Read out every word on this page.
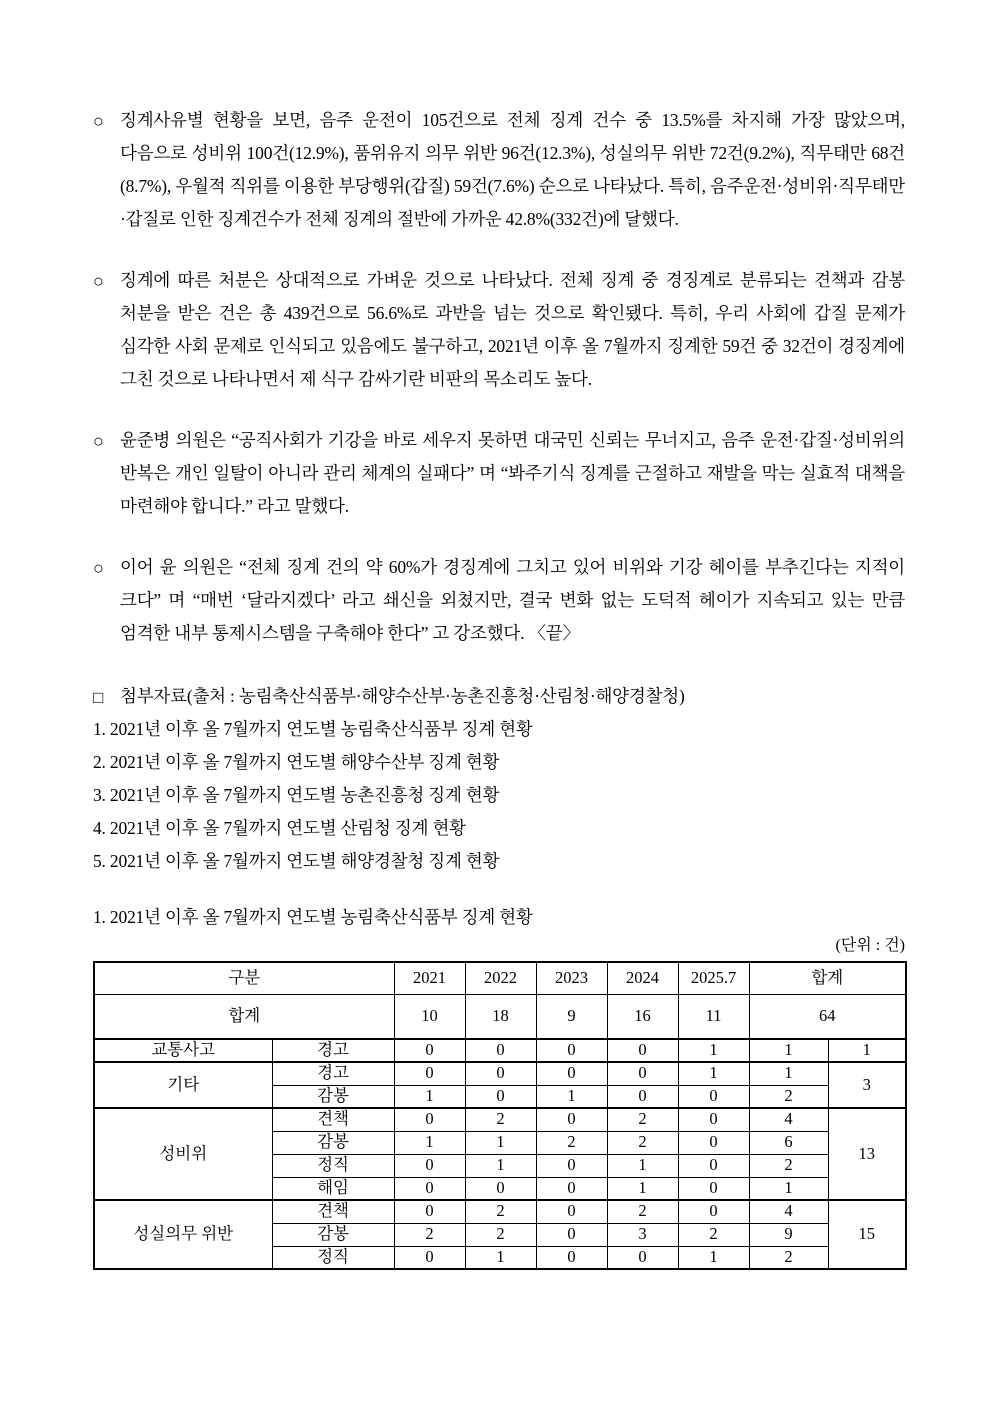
○ 징계사유별 현황을 보면, 음주 운전이 105건으로 전체 징계 건수 중 13.5%를 차지해 가장 많았으며, 다음으로 성비위 100건(12.9%), 품위유지 의무 위반 96건(12.3%), 성실의무 위반 72건(9.2%), 직무태만 68건(8.7%), 우월적 직위를 이용한 부당행위(갑질) 59건(7.6%) 순으로 나타났다. 특히, 음주운전·성비위·직무태만·갑질로 인한 징계건수가 전체 징계의 절반에 가까운 42.8%(332건)에 달했다.
○ 징계에 따른 처분은 상대적으로 가벼운 것으로 나타났다. 전체 징계 중 경징계로 분류되는 견책과 감봉 처분을 받은 건은 총 439건으로 56.6%로 과반을 넘는 것으로 확인됐다. 특히, 우리 사회에 갑질 문제가 심각한 사회 문제로 인식되고 있음에도 불구하고, 2021년 이후 올 7월까지 징계한 59건 중 32건이 경징계에 그친 것으로 나타나면서 제 식구 감싸기란 비판의 목소리도 높다.
○ 윤준병 의원은 “공직사회가 기강을 바로 세우지 못하면 대국민 신뢰는 무너지고, 음주 운전·갑질·성비위의 반복은 개인 일탈이 아니라 관리 체계의 실패다” 며 “봐주기식 징계를 근절하고 재발을 막는 실효적 대책을 마련해야 합니다.” 라고 말했다.
○ 이어 윤 의원은 “전체 징계 건의 약 60%가 경징계에 그치고 있어 비위와 기강 헤이를 부추긴다는 지적이 크다” 며 “매번 ‘달라지겠다’ 라고 쇄신을 외쳤지만, 결국 변화 없는 도덕적 헤이가 지속되고 있는 만큼 엄격한 내부 통제시스템을 구축해야 한다” 고 강조했다. 〈끝〉
□ 첨부자료(출처 : 농림축산식품부·해양수산부·농촌진흥청·산림청·해양경찰청)
1. 2021년 이후 올 7월까지 연도별 농림축산식품부 징계 현황
2. 2021년 이후 올 7월까지 연도별 해양수산부 징계 현황
3. 2021년 이후 올 7월까지 연도별 농촌진흥청 징계 현황
4. 2021년 이후 올 7월까지 연도별 산림청 징계 현황
5. 2021년 이후 올 7월까지 연도별 해양경찰청 징계 현황
1. 2021년 이후 올 7월까지 연도별 농림축산식품부 징계 현황
(단위 : 건)
구분		2021	2022	2023	2024	2025.7	합계	
합계		10	18	9	16	11	64	
교통사고	경고	0	0	0	0	1	1	1
기타	경고	0	0	0	0	1	1	3
	감봉	1	0	1	0	0	2	
성비위	견책	0	2	0	2	0	4	13
	감봉	1	1	2	2	0	6	
	정직	0	1	0	1	0	2	
	해임	0	0	0	1	0	1	
성실의무 위반	견책	0	2	0	2	0	4	15
	감봉	2	2	0	3	2	9	
	정직	0	1	0	0	1	2	
